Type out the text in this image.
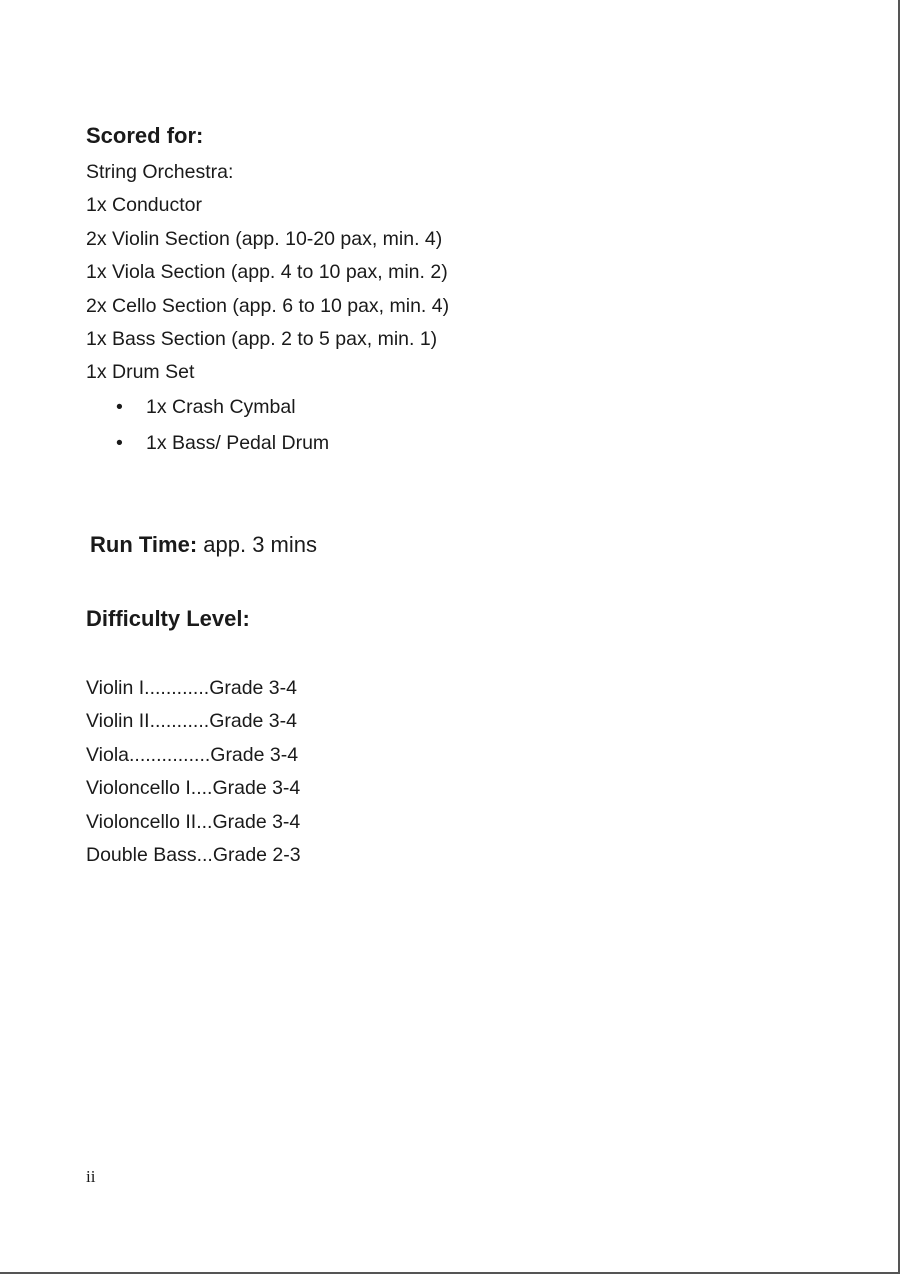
Scored for:

String Orchestra:

1x Conductor

2x Violin Section (app. 10-20 pax, min. 4)

1x Viola Section (app. 4 to 10 pax, min. 2)

2x Cello Section (app. 6 to 10 pax, min. 4)

1x Bass Section (app. 2 to 5 pax, min. 1)

1x Drum Set

• 1x Crash Cymbal
• 1x Bass/ Pedal Drum
Run Time: app. 3 mins
Difficulty Level:

Violin I............Grade 3-4

Violin II...........Grade 3-4

Viola...............Grade 3-4

Violoncello I....Grade 3-4

Violoncello II...Grade 3-4

Double Bass...Grade 2-3

ii
